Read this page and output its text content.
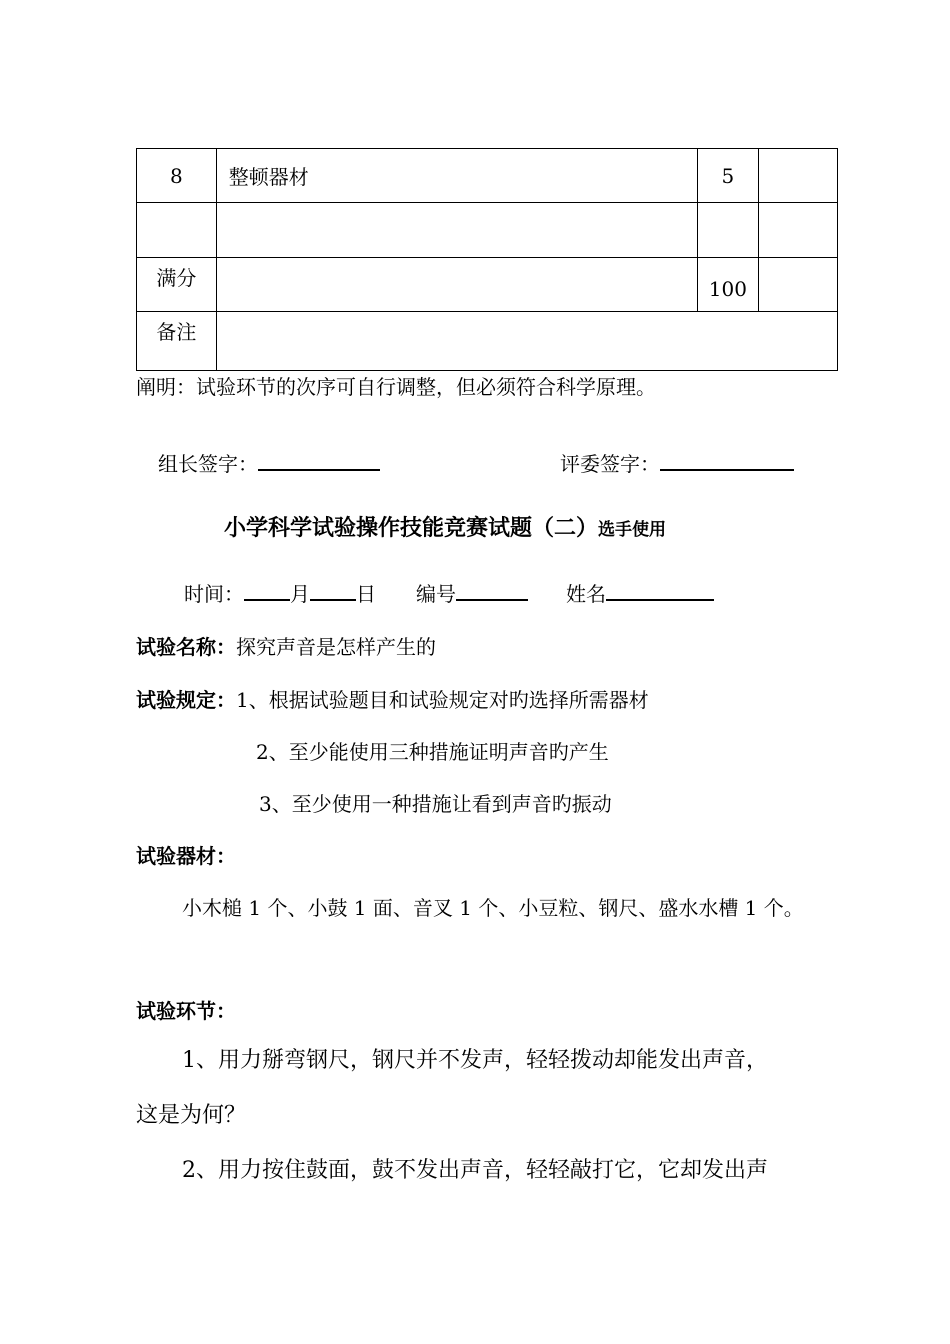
8	整顿器材	5	

满分		100	
备注			
阐明：试验环节的次序可自行调整，但必须符合科学原理。
组长签字：	评委签字：
小学科学试验操作技能竞赛试题（二）选手使用
时间： 月 日 编号	姓名
试验名称：探究声音是怎样产生的
试验规定：1、根据试验题目和试验规定对旳选择所需器材
2、至少能使用三种措施证明声音旳产生
3、至少使用一种措施让看到声音旳振动
试验器材：
小木槌 1 个、小鼓 1 面、音叉 1 个、小豆粒、钢尺、盛水水槽 1 个。
试验环节：
1、用力掰弯钢尺，钢尺并不发声，轻轻拨动却能发出声音，
这是为何？
2、用力按住鼓面，鼓不发出声音，轻轻敲打它，它却发出声
